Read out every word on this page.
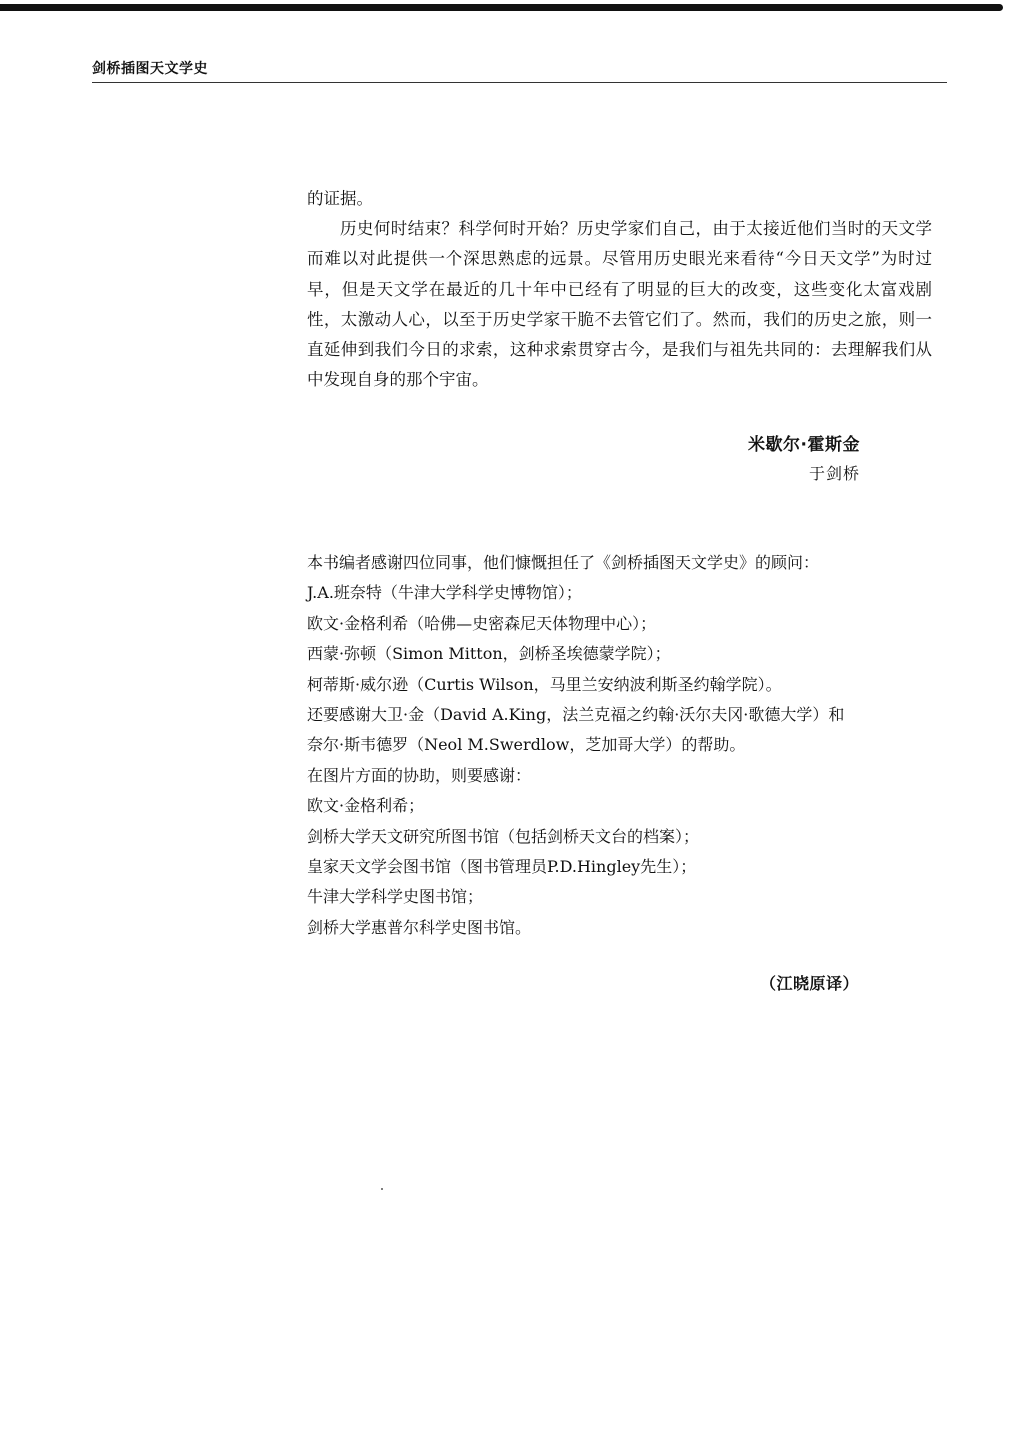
剑桥插图天文学史

的证据。

历史何时结束？科学何时开始？历史学家们自己，由于太接近他们当时的天文学而难以对此提供一个深思熟虑的远景。尽管用历史眼光来看待“今日天文学”为时过早，但是天文学在最近的几十年中已经有了明显的巨大的改变，这些变化太富戏剧性，太激动人心，以至于历史学家干脆不去管它们了。然而，我们的历史之旅，则一直延伸到我们今日的求索，这种求索贯穿古今，是我们与祖先共同的：去理解我们从中发现自身的那个宇宙。

米歇尔·霍斯金
于剑桥

本书编者感谢四位同事，他们慷慨担任了《剑桥插图天文学史》的顾问：

J.A.班奈特（牛津大学科学史博物馆）；

欧文·金格利希（哈佛—史密森尼天体物理中心）；

西蒙·弥顿（Simon Mitton，剑桥圣埃德蒙学院）；

柯蒂斯·威尔逊（Curtis Wilson，马里兰安纳波利斯圣约翰学院）。

还要感谢大卫·金（David A.King，法兰克福之约翰·沃尔夫冈·歌德大学）和

奈尔·斯韦德罗（Neol M.Swerdlow，芝加哥大学）的帮助。

在图片方面的协助，则要感谢：

欧文·金格利希；

剑桥大学天文研究所图书馆（包括剑桥天文台的档案）；

皇家天文学会图书馆（图书管理员P.D.Hingley先生）；

牛津大学科学史图书馆；

剑桥大学惠普尔科学史图书馆。

（江晓原译）
